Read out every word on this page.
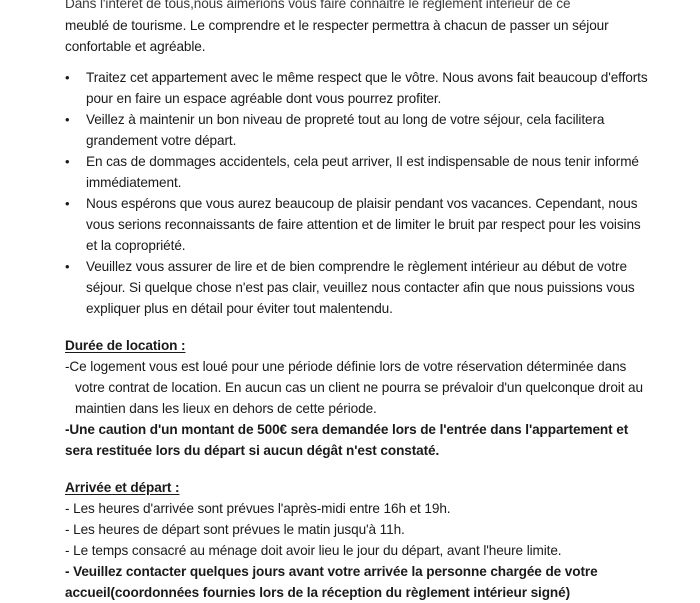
Dans l'intérêt de tous,nous aimerions vous faire connaitre le règlement intérieur de ce

meublé de tourisme. Le comprendre et le respecter permettra à chacun de passer un séjour confortable et agréable.

• Traitez cet appartement avec le même respect que le vôtre. Nous avons fait beaucoup d'efforts pour en faire un espace agréable dont vous pourrez profiter.
• Veillez à maintenir un bon niveau de propreté tout au long de votre séjour, cela facilitera grandement votre départ.
• En cas de dommages accidentels, cela peut arriver, Il est indispensable de nous tenir informé immédiatement.
• Nous espérons que vous aurez beaucoup de plaisir pendant vos vacances. Cependant, nous vous serions reconnaissants de faire attention et de limiter le bruit par respect pour les voisins et la copropriété.
• Veuillez vous assurer de lire et de bien comprendre le règlement intérieur au début de votre séjour. Si quelque chose n'est pas clair, veuillez nous contacter afin que nous puissions vous expliquer plus en détail pour éviter tout malentendu.
Durée de location :

-Ce logement vous est loué pour une période définie lors de votre réservation déterminée dans votre contrat de location. En aucun cas un client ne pourra se prévaloir d'un quelconque droit au maintien dans les lieux en dehors de cette période.

-Une caution d'un montant de 500€ sera demandée lors de l'entrée dans l'appartement et sera restituée lors du départ si aucun dégât n'est constaté.

Arrivée et départ :

- Les heures d'arrivée sont prévues l'après-midi entre 16h et 19h.

- Les heures de départ sont prévues le matin jusqu'à 11h.

- Le temps consacré au ménage doit avoir lieu le jour du départ, avant l'heure limite.

- Veuillez contacter quelques jours avant votre arrivée la personne chargée de votre accueil(coordonnées fournies lors de la réception du règlement intérieur signé)
